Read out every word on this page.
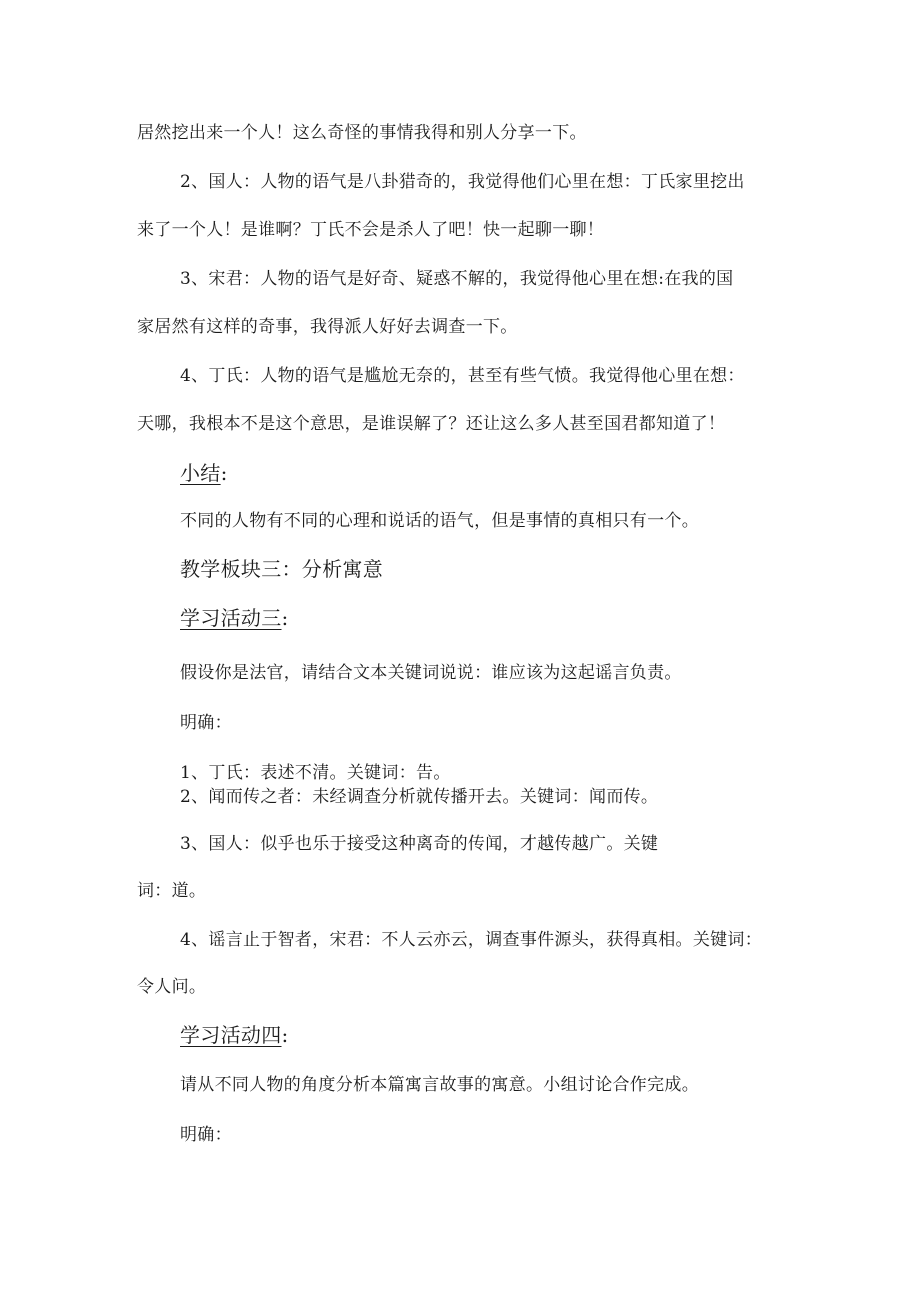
居然挖出来一个人！这么奇怪的事情我得和别人分享一下。
2、国人：人物的语气是八卦猎奇的，我觉得他们心里在想：丁氏家里挖出
来了一个人！是谁啊？丁氏不会是杀人了吧！快一起聊一聊！
3、宋君：人物的语气是好奇、疑惑不解的，我觉得他心里在想:在我的国
家居然有这样的奇事，我得派人好好去调查一下。
4、丁氏：人物的语气是尴尬无奈的，甚至有些气愤。我觉得他心里在想：
天哪，我根本不是这个意思，是谁误解了？还让这么多人甚至国君都知道了！
小结:
不同的人物有不同的心理和说话的语气，但是事情的真相只有一个。
教学板块三：分析寓意
学习活动三:
假设你是法官，请结合文本关键词说说：谁应该为这起谣言负责。
明确：
1、丁氏：表述不清。关键词：告。
2、闻而传之者：未经调查分析就传播开去。关键词：闻而传。
3、国人：似乎也乐于接受这种离奇的传闻，才越传越广。关键
词：道。
4、谣言止于智者，宋君：不人云亦云，调查事件源头，获得真相。关键词：
令人问。
学习活动四:
请从不同人物的角度分析本篇寓言故事的寓意。小组讨论合作完成。
明确：
